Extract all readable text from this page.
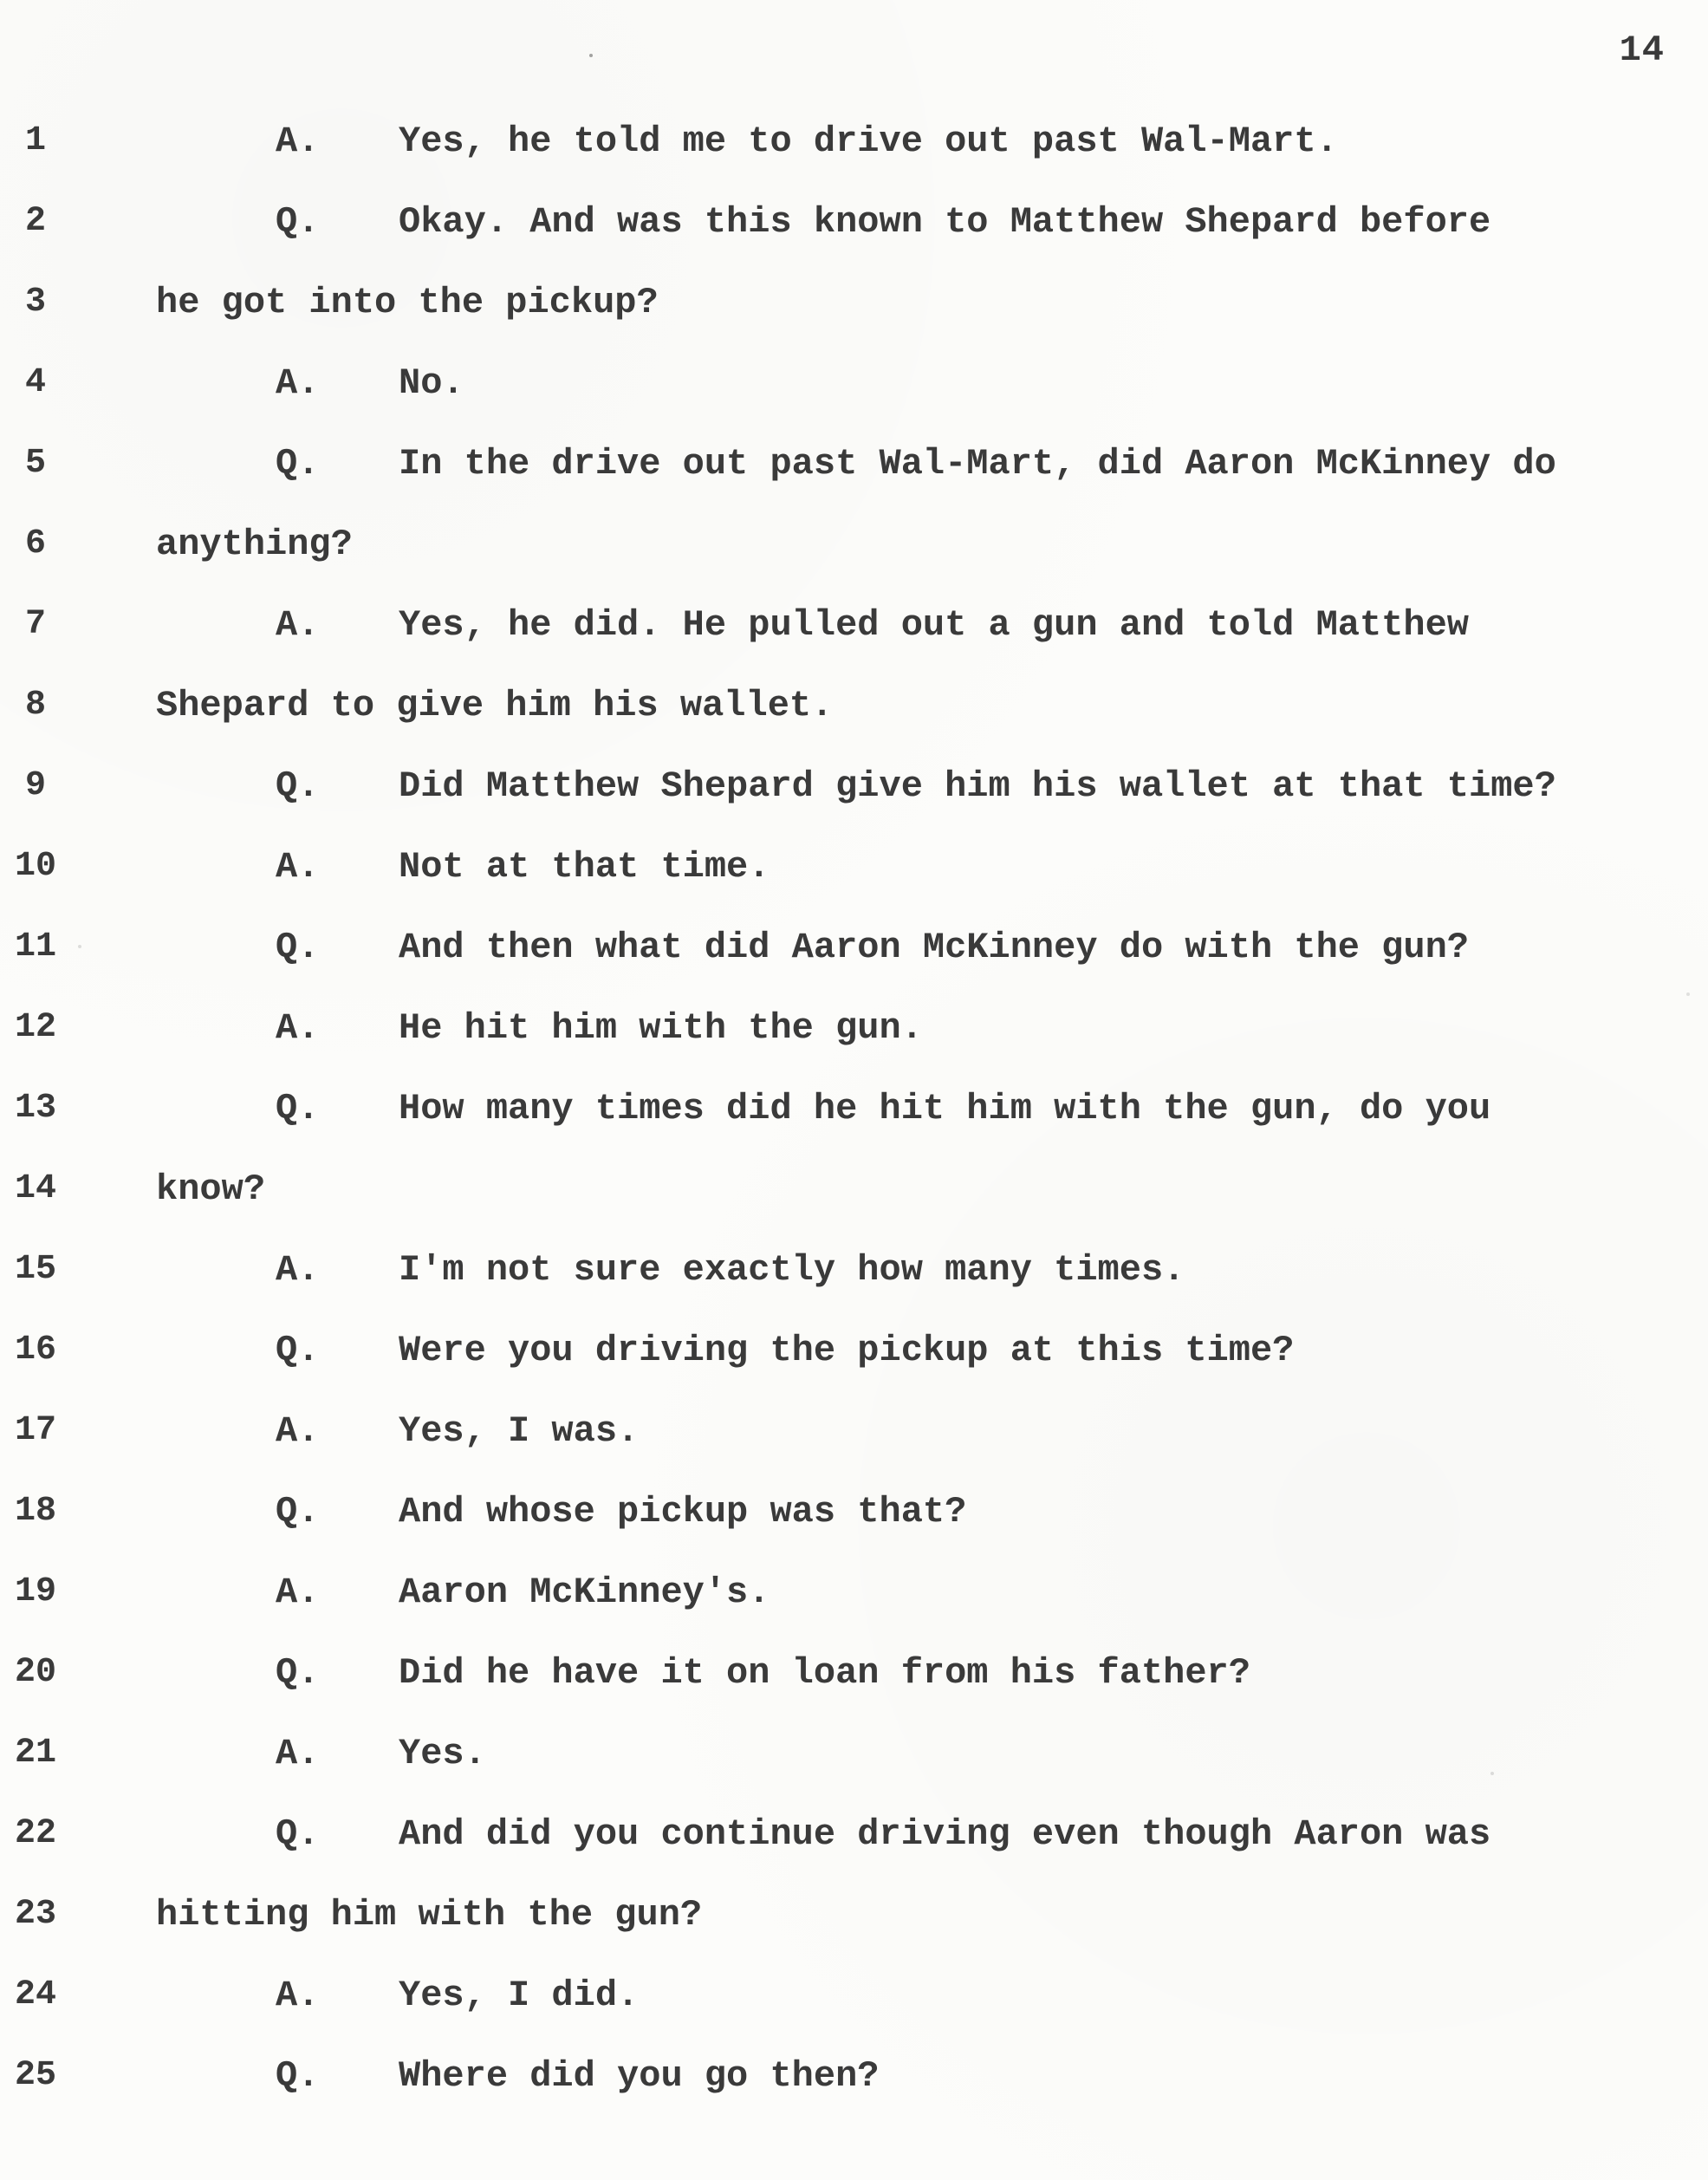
14
1	A.	Yes, he told me to drive out past Wal-Mart.
2	Q.	Okay. And was this known to Matthew Shepard before
3	he got into the pickup?
4	A.	No.
5	Q.	In the drive out past Wal-Mart, did Aaron McKinney do
6	anything?
7	A.	Yes, he did. He pulled out a gun and told Matthew
8	Shepard to give him his wallet.
9	Q.	Did Matthew Shepard give him his wallet at that time?
10	A.	Not at that time.
11	Q.	And then what did Aaron McKinney do with the gun?
12	A.	He hit him with the gun.
13	Q.	How many times did he hit him with the gun, do you
14	know?
15	A.	I'm not sure exactly how many times.
16	Q.	Were you driving the pickup at this time?
17	A.	Yes, I was.
18	Q.	And whose pickup was that?
19	A.	Aaron McKinney's.
20	Q.	Did he have it on loan from his father?
21	A.	Yes.
22	Q.	And did you continue driving even though Aaron was
23	hitting him with the gun?
24	A.	Yes, I did.
25	Q.	Where did you go then?
